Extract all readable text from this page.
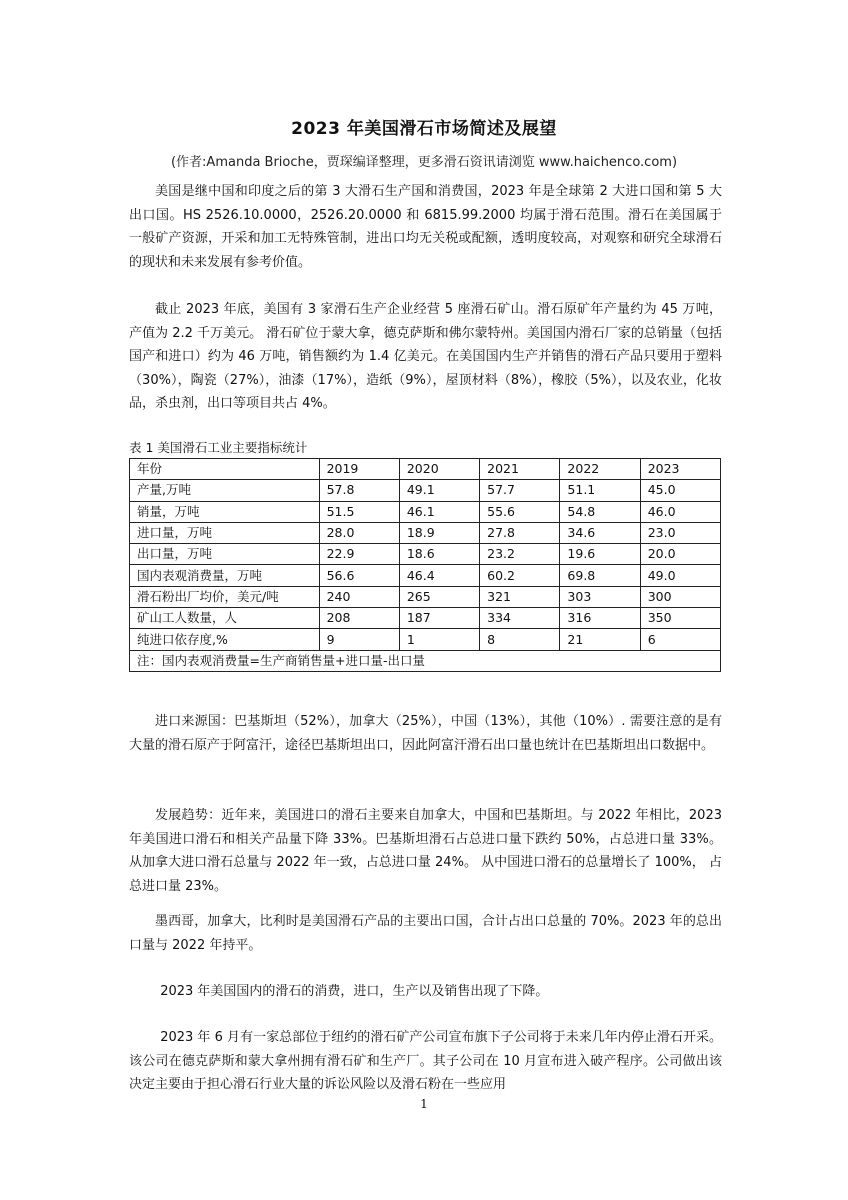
2023 年美国滑石市场简述及展望
(作者:Amanda Brioche，贾琛编译整理，更多滑石资讯请浏览 www.haichenco.com)

美国是继中国和印度之后的第 3 大滑石生产国和消费国，2023 年是全球第 2 大进口国和第 5 大出口国。HS 2526.10.0000，2526.20.0000 和 6815.99.2000 均属于滑石范围。滑石在美国属于一般矿产资源，开采和加工无特殊管制，进出口均无关税或配额，透明度较高，对观察和研究全球滑石的现状和未来发展有参考价值。

截止 2023 年底，美国有 3 家滑石生产企业经营 5 座滑石矿山。滑石原矿年产量约为 45 万吨，产值为 2.2 千万美元。 滑石矿位于蒙大拿，德克萨斯和佛尔蒙特州。美国国内滑石厂家的总销量（包括国产和进口）约为 46 万吨，销售额约为 1.4 亿美元。在美国国内生产并销售的滑石产品只要用于塑料（30%），陶瓷（27%），油漆（17%），造纸（9%），屋顶材料（8%），橡胶（5%），以及农业，化妆品，杀虫剂，出口等项目共占 4%。

表 1 美国滑石工业主要指标统计
年份	2019	2020	2021	2022	2023
产量,万吨	57.8	49.1	57.7	51.1	45.0
销量，万吨	51.5	46.1	55.6	54.8	46.0
进口量，万吨	28.0	18.9	27.8	34.6	23.0
出口量，万吨	22.9	18.6	23.2	19.6	20.0
国内表观消费量，万吨	56.6	46.4	60.2	69.8	49.0
滑石粉出厂均价，美元/吨	240	265	321	303	300
矿山工人数量，人	208	187	334	316	350
纯进口依存度,%	9	1	8	21	6
注：国内表观消费量=生产商销售量+进口量-出口量					

进口来源国：巴基斯坦（52%），加拿大（25%），中国（13%），其他（10%）. 需要注意的是有大量的滑石原产于阿富汗，途径巴基斯坦出口，因此阿富汗滑石出口量也统计在巴基斯坦出口数据中。

发展趋势：近年来，美国进口的滑石主要来自加拿大，中国和巴基斯坦。与 2022 年相比，2023 年美国进口滑石和相关产品量下降 33%。巴基斯坦滑石占总进口量下跌约 50%，占总进口量 33%。 从加拿大进口滑石总量与 2022 年一致，占总进口量 24%。 从中国进口滑石的总量增长了 100%， 占总进口量 23%。

墨西哥，加拿大，比利时是美国滑石产品的主要出口国，合计占出口总量的 70%。2023 年的总出口量与 2022 年持平。

2023 年美国国内的滑石的消费，进口，生产以及销售出现了下降。

2023 年 6 月有一家总部位于纽约的滑石矿产公司宣布旗下子公司将于未来几年内停止滑石开采。 该公司在德克萨斯和蒙大拿州拥有滑石矿和生产厂。其子公司在 10 月宣布进入破产程序。公司做出该决定主要由于担心滑石行业大量的诉讼风险以及滑石粉在一些应用

1
